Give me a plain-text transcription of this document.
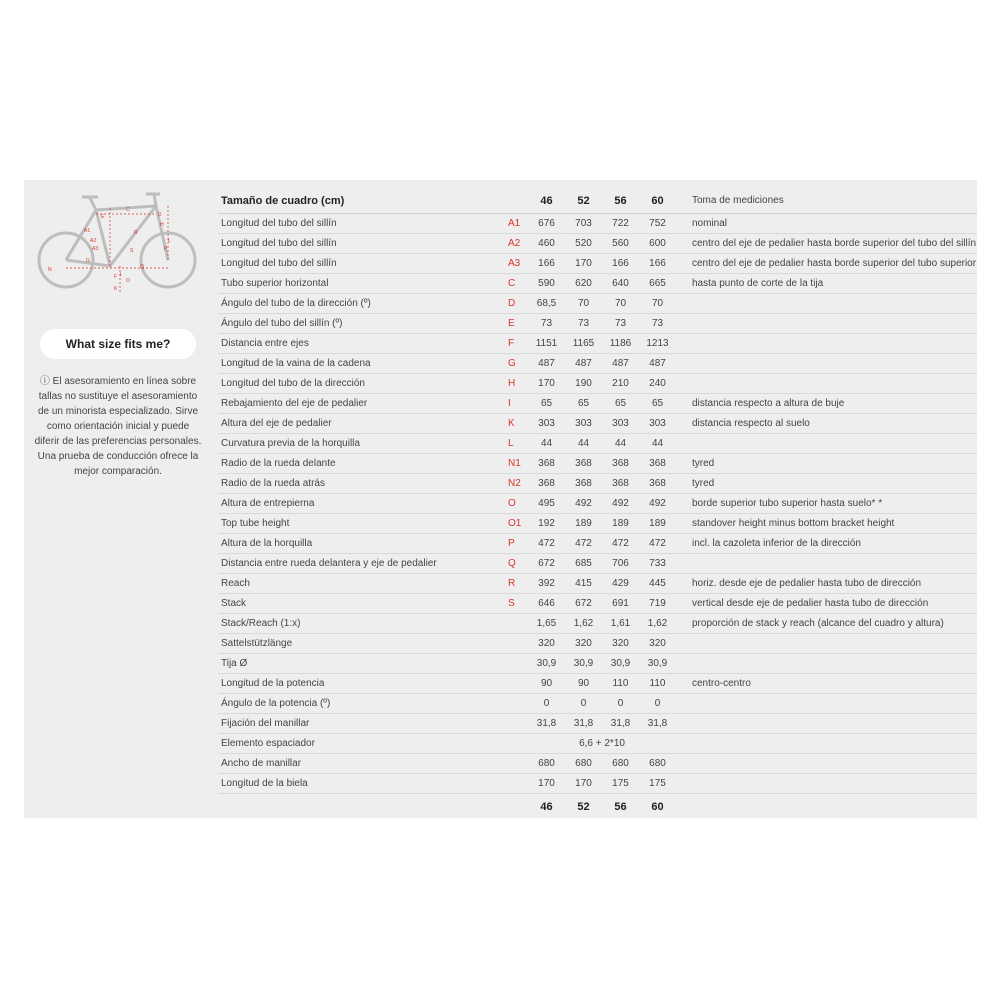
A1
A2
A3
C
D
E
F
G
H
I
K
L
N
O
P
Q
R
S
What size fits me?
ⓘ El asesoramiento en línea sobre tallas no sustituye el asesoramiento de un minorista especializado. Sirve como orientación inicial y puede diferir de las preferencias personales. Una prueba de conducción ofrece la mejor comparación.
Tamaño de cuadro (cm)		46	52	56	60	Toma de mediciones
Longitud del tubo del sillín	A1	676	703	722	752	nominal
Longitud del tubo del sillín	A2	460	520	560	600	centro del eje de pedalier hasta borde superior del tubo del sillín
Longitud del tubo del sillín	A3	166	170	166	166	centro del eje de pedalier hasta borde superior del tubo superior
Tubo superior horizontal	C	590	620	640	665	hasta punto de corte de la tija
Ángulo del tubo de la dirección (º)	D	68,5	70	70	70	
Ángulo del tubo del sillín (º)	E	73	73	73	73	
Distancia entre ejes	F	1151	1165	1186	1213	
Longitud de la vaina de la cadena	G	487	487	487	487	
Longitud del tubo de la dirección	H	170	190	210	240	
Rebajamiento del eje de pedalier	I	65	65	65	65	distancia respecto a altura de buje
Altura del eje de pedalier	K	303	303	303	303	distancia respecto al suelo
Curvatura previa de la horquilla	L	44	44	44	44	
Radio de la rueda delante	N1	368	368	368	368	tyred
Radio de la rueda atrás	N2	368	368	368	368	tyred
Altura de entrepierna	O	495	492	492	492	borde superior tubo superior hasta suelo* *
Top tube height	O1	192	189	189	189	standover height minus bottom bracket height
Altura de la horquilla	P	472	472	472	472	incl. la cazoleta inferior de la dirección
Distancia entre rueda delantera y eje de pedalier	Q	672	685	706	733	
Reach	R	392	415	429	445	horiz. desde eje de pedalier hasta tubo de dirección
Stack	S	646	672	691	719	vertical desde eje de pedalier hasta tubo de dirección
Stack/Reach (1:x)		1,65	1,62	1,61	1,62	proporción de stack y reach (alcance del cuadro y altura)
Sattelstützlänge		320	320	320	320	
Tija Ø		30,9	30,9	30,9	30,9	
Longitud de la potencia		90	90	110	110	centro-centro
Ángulo de la potencia (º)		0	0	0	0	
Fijación del manillar		31,8	31,8	31,8	31,8	
Elemento espaciador		6,6 + 2*10				
Ancho de manillar		680	680	680	680	
Longitud de la biela		170	170	175	175	
		46	52	56	60	
